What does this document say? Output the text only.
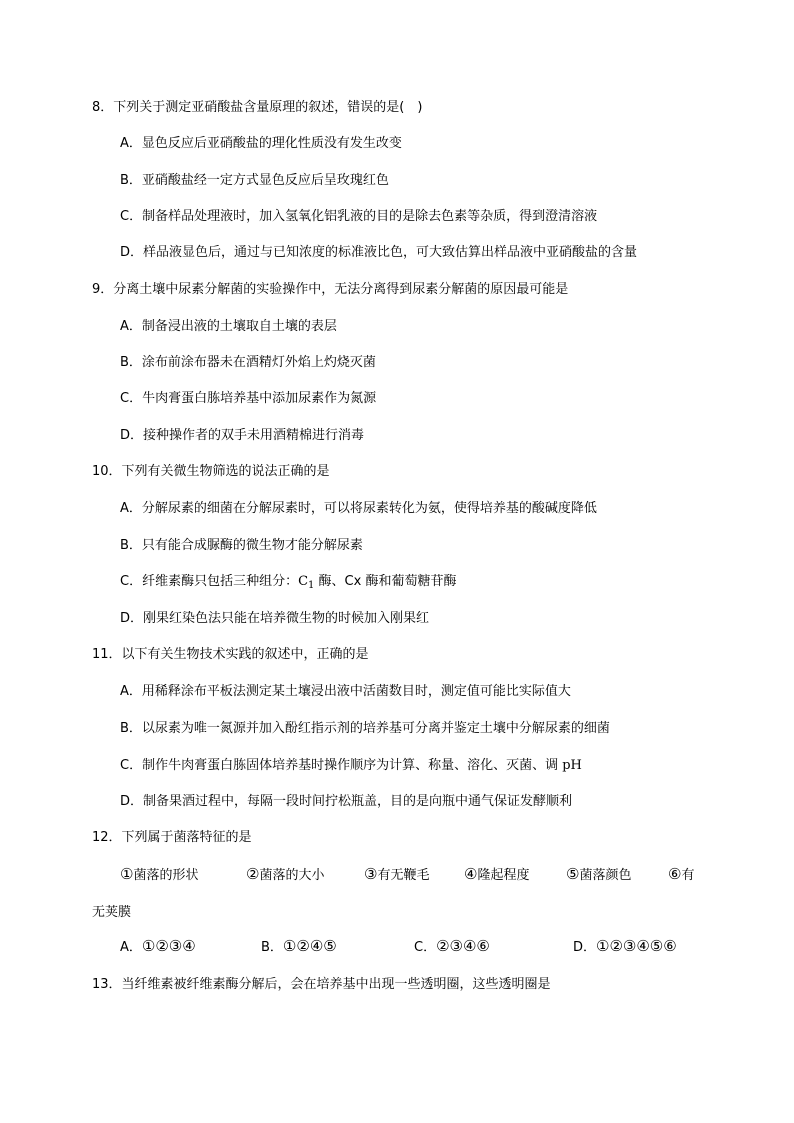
8．下列关于测定亚硝酸盐含量原理的叙述，错误的是(　)
A．显色反应后亚硝酸盐的理化性质没有发生改变
B．亚硝酸盐经一定方式显色反应后呈玫瑰红色
C．制备样品处理液时，加入氢氧化铝乳液的目的是除去色素等杂质，得到澄清溶液
D．样品液显色后，通过与已知浓度的标准液比色，可大致估算出样品液中亚硝酸盐的含量
9．分离土壤中尿素分解菌的实验操作中，无法分离得到尿素分解菌的原因最可能是
A．制备浸出液的土壤取自土壤的表层
B．涂布前涂布器未在酒精灯外焰上灼烧灭菌
C．牛肉膏蛋白胨培养基中添加尿素作为氮源
D．接种操作者的双手未用酒精棉进行消毒
10．下列有关微生物筛选的说法正确的是
A．分解尿素的细菌在分解尿素时，可以将尿素转化为氨，使得培养基的酸碱度降低
B．只有能合成脲酶的微生物才能分解尿素
C．纤维素酶只包括三种组分：$C_1$ 酶、Cx 酶和葡萄糖苷酶
D．刚果红染色法只能在培养微生物的时候加入刚果红
11．以下有关生物技术实践的叙述中，正确的是
A．用稀释涂布平板法测定某土壤浸出液中活菌数目时，测定值可能比实际值大
B．以尿素为唯一氮源并加入酚红指示剂的培养基可分离并鉴定土壤中分解尿素的细菌
C．制作牛肉膏蛋白胨固体培养基时操作顺序为计算、称量、溶化、灭菌、调 pH
D．制备果酒过程中，每隔一段时间拧松瓶盖，目的是向瓶中通气保证发酵顺利
12．下列属于菌落特征的是
①菌落的形状	②菌落的大小	③有无鞭毛 ④隆起程度 ⑤菌落颜色 ⑥有
无荚膜
A．①②③④	B．①②④⑤	C．②③④⑥	D．①②③④⑤⑥
13．当纤维素被纤维素酶分解后，会在培养基中出现一些透明圈，这些透明圈是
